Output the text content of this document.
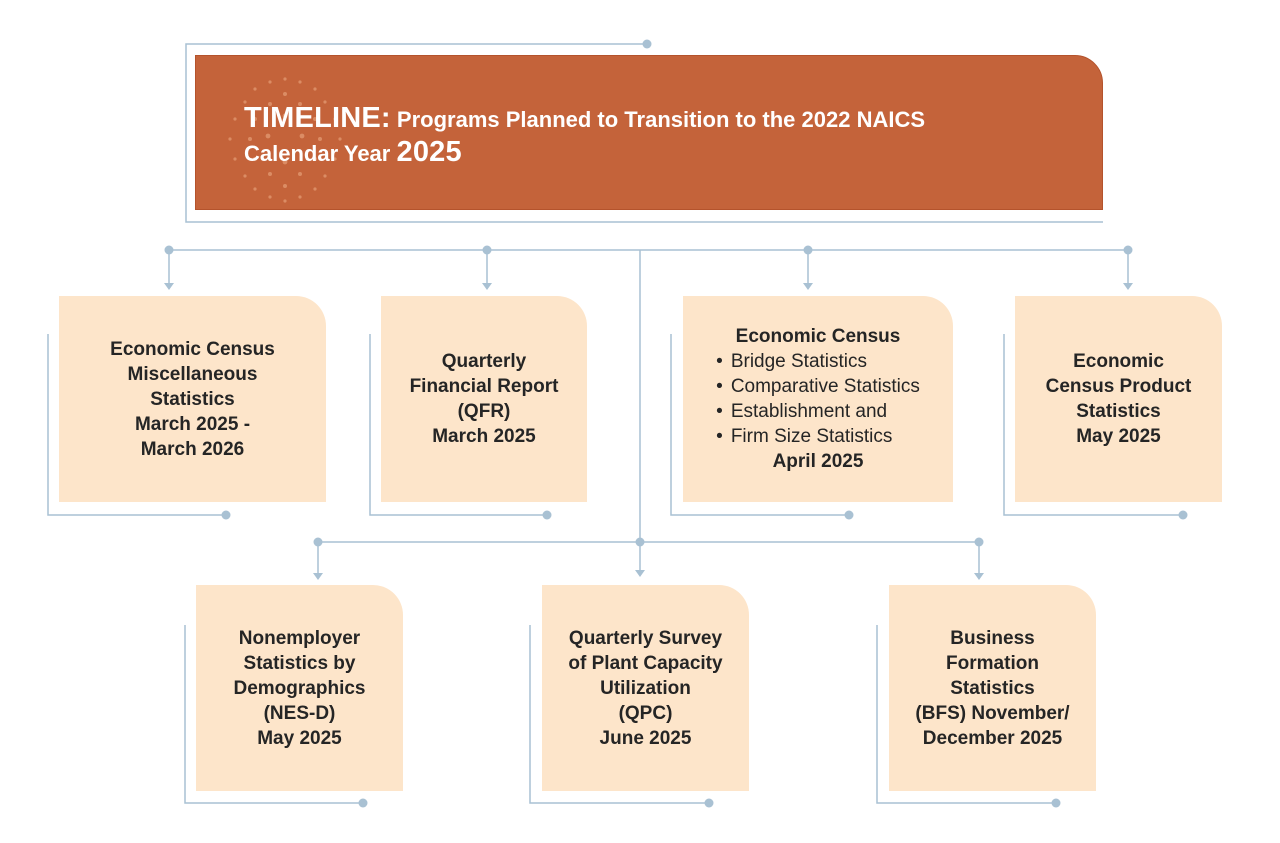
TIMELINE: Programs Planned to Transition to the 2022 NAICS
Calendar Year 2025

Economic Census
Miscellaneous
Statistics
March 2025 -
March 2026
Quarterly
Financial Report
(QFR)
March 2025
Economic Census
• Bridge Statistics
• Comparative Statistics
• Establishment and
• Firm Size Statistics
April 2025
Economic
Census Product
Statistics
May 2025
Nonemployer
Statistics by
Demographics
(NES-D)
May 2025
Quarterly Survey
of Plant Capacity
Utilization
(QPC)
June 2025
Business
Formation
Statistics
(BFS) November/
December 2025
